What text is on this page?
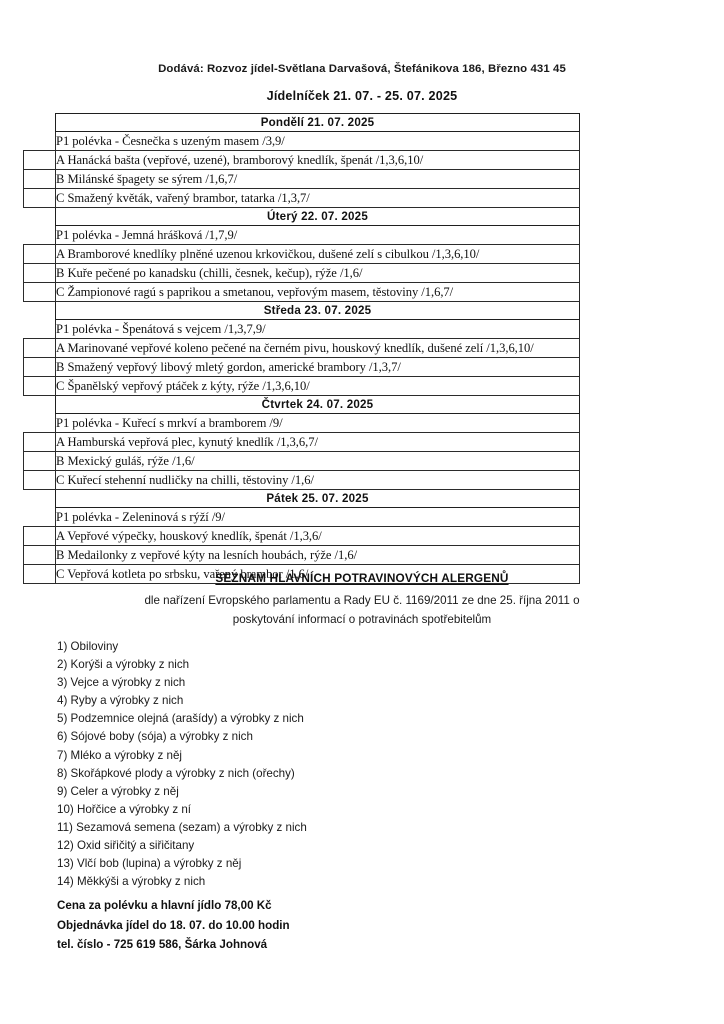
Dodává: Rozvoz jídel-Světlana Darvašová, Štefánikova 186, Březno 431 45
Jídelníček 21. 07. - 25. 07. 2025
	Pondělí 21. 07. 2025
	P1 polévka - Česnečka s uzeným masem /3,9/
	A Hanácká bašta (vepřové, uzené), bramborový knedlík, špenát /1,3,6,10/
	B Milánské špagety se sýrem /1,6,7/
	C Smažený květák, vařený brambor, tatarka /1,3,7/
	Úterý 22. 07. 2025
	P1 polévka - Jemná hrášková /1,7,9/
	A Bramborové knedlíky plněné uzenou krkovičkou, dušené zelí s cibulkou /1,3,6,10/
	B Kuře pečené po kanadsku (chilli, česnek, kečup), rýže /1,6/
	C Žampionové ragú s paprikou a smetanou, vepřovým masem, těstoviny /1,6,7/
	Středa 23. 07. 2025
	P1 polévka - Špenátová s vejcem /1,3,7,9/
	A Marinované vepřové koleno pečené na černém pivu, houskový knedlík, dušené zelí /1,3,6,10/
	B Smažený vepřový libový mletý gordon, americké brambory /1,3,7/
	C Španělský vepřový ptáček z kýty, rýže /1,3,6,10/
	Čtvrtek 24. 07. 2025
	P1 polévka - Kuřecí s mrkví a bramborem /9/
	A Hamburská vepřová plec, kynutý knedlík /1,3,6,7/
	B Mexický guláš, rýže /1,6/
	C Kuřecí stehenní nudličky na chilli, těstoviny /1,6/
	Pátek 25. 07. 2025
	P1 polévka - Zeleninová s rýží /9/
	A Vepřové výpečky, houskový knedlík, špenát /1,3,6/
	B Medailonky z vepřové kýty na lesních houbách, rýže /1,6/
	C Vepřová kotleta po srbsku, vařený brambor /1,6/
SEZNAM HLAVNÍCH POTRAVINOVÝCH ALERGENŮ
dle nařízení Evropského parlamentu a Rady EU č. 1169/2011 ze dne 25. října 2011 o
poskytování informací o potravinách spotřebitelům
1) Obiloviny
2) Korýši a výrobky z nich
3) Vejce a výrobky z nich
4) Ryby a výrobky z nich
5) Podzemnice olejná (arašídy) a výrobky z nich
6) Sójové boby (sója) a výrobky z nich
7) Mléko a výrobky z něj
8) Skořápkové plody a výrobky z nich (ořechy)
9) Celer a výrobky z něj
10) Hořčice a výrobky z ní
11) Sezamová semena (sezam) a výrobky z nich
12) Oxid siřičitý a siřičitany
13) Vlčí bob (lupina) a výrobky z něj
14) Měkkýši a výrobky z nich
Cena za polévku a hlavní jídlo 78,00 Kč
Objednávka jídel do 18. 07. do 10.00 hodin
tel. číslo - 725 619 586, Šárka Johnová
